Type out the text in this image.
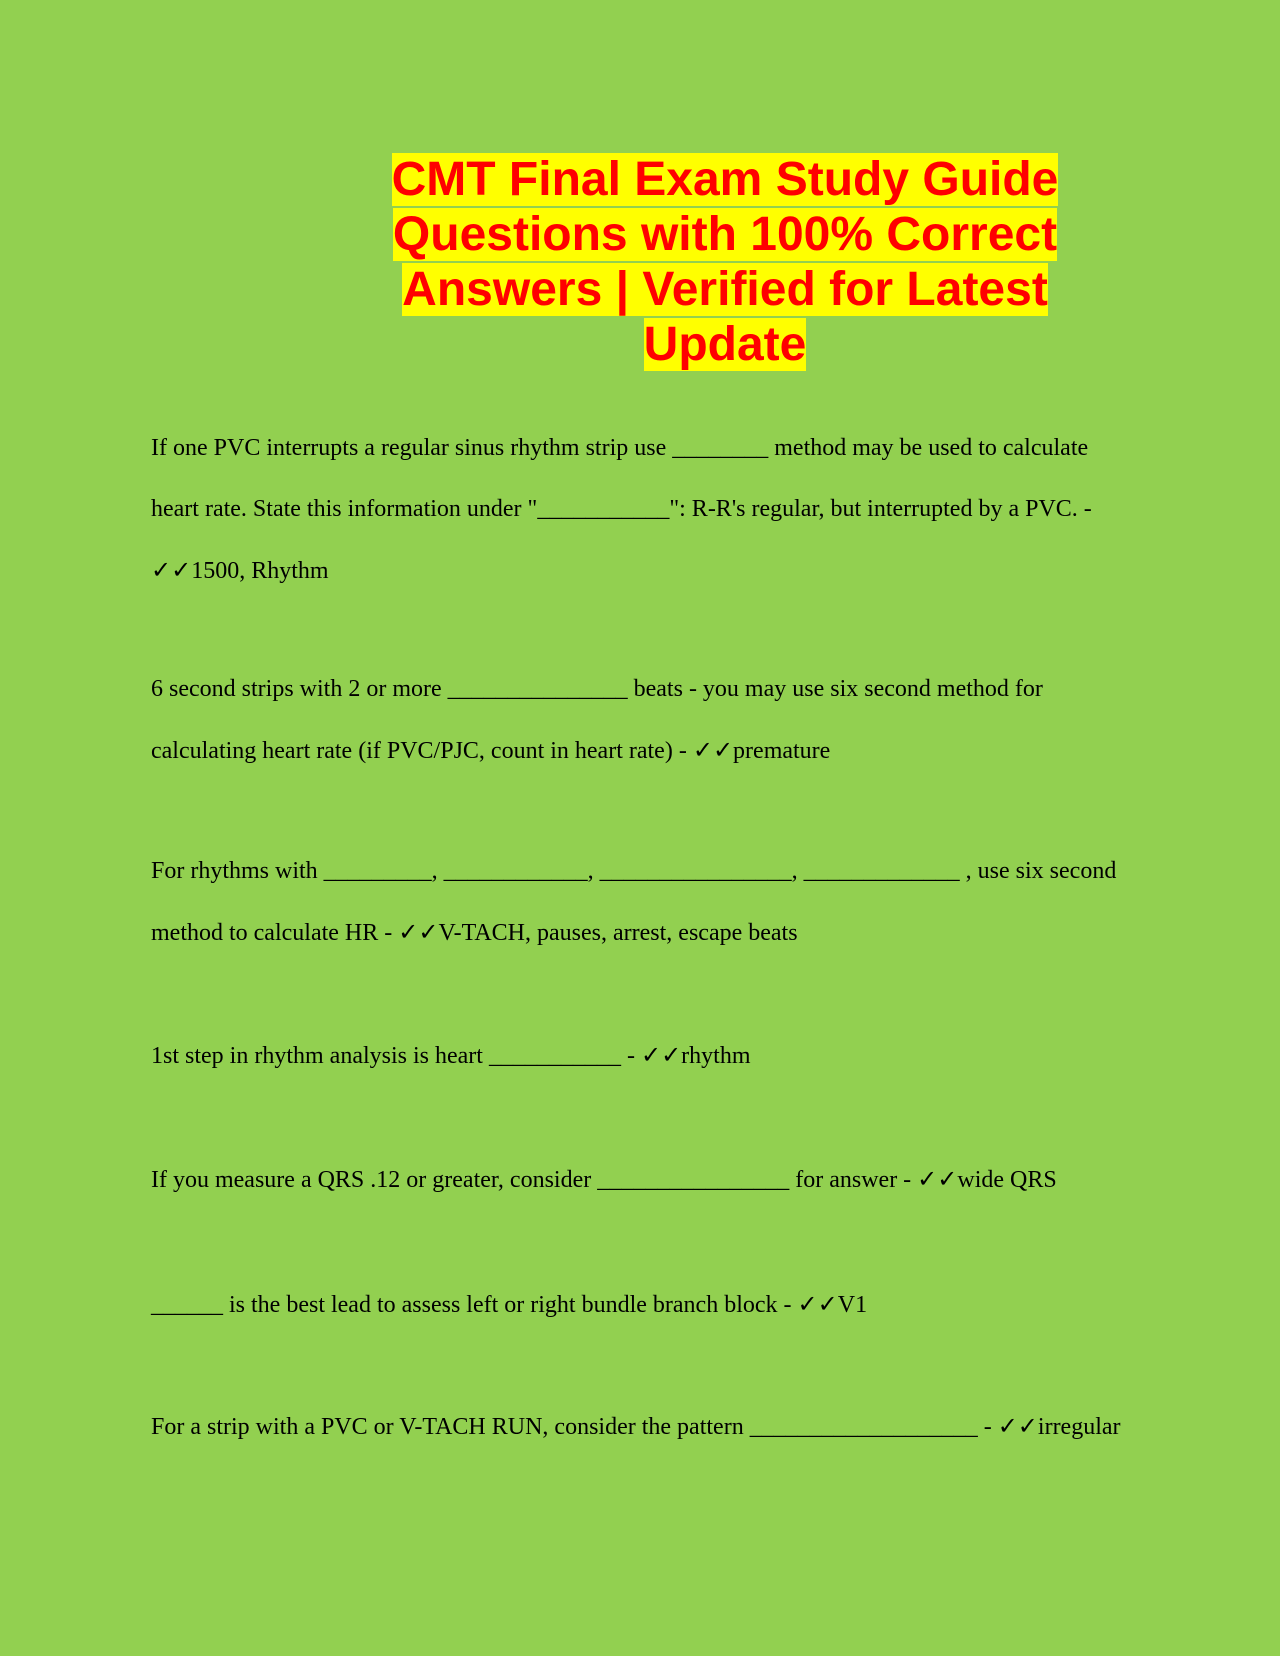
CMT Final Exam Study Guide
Questions with 100% Correct
Answers | Verified for Latest
Update
If one PVC interrupts a regular sinus rhythm strip use ________ method may be used to calculate heart rate. State this information under "___________": R-R's regular, but interrupted by a PVC. - ✓✓1500, Rhythm
6 second strips with 2 or more _______________ beats - you may use six second method for calculating heart rate (if PVC/PJC, count in heart rate) - ✓✓premature
For rhythms with _________, ____________, ________________, _____________ , use six second method to calculate HR - ✓✓V-TACH, pauses, arrest, escape beats
1st step in rhythm analysis is heart ___________ - ✓✓rhythm
If you measure a QRS .12 or greater, consider ________________ for answer - ✓✓wide QRS
______ is the best lead to assess left or right bundle branch block - ✓✓V1
For a strip with a PVC or V-TACH RUN, consider the pattern ___________________ - ✓✓irregular
